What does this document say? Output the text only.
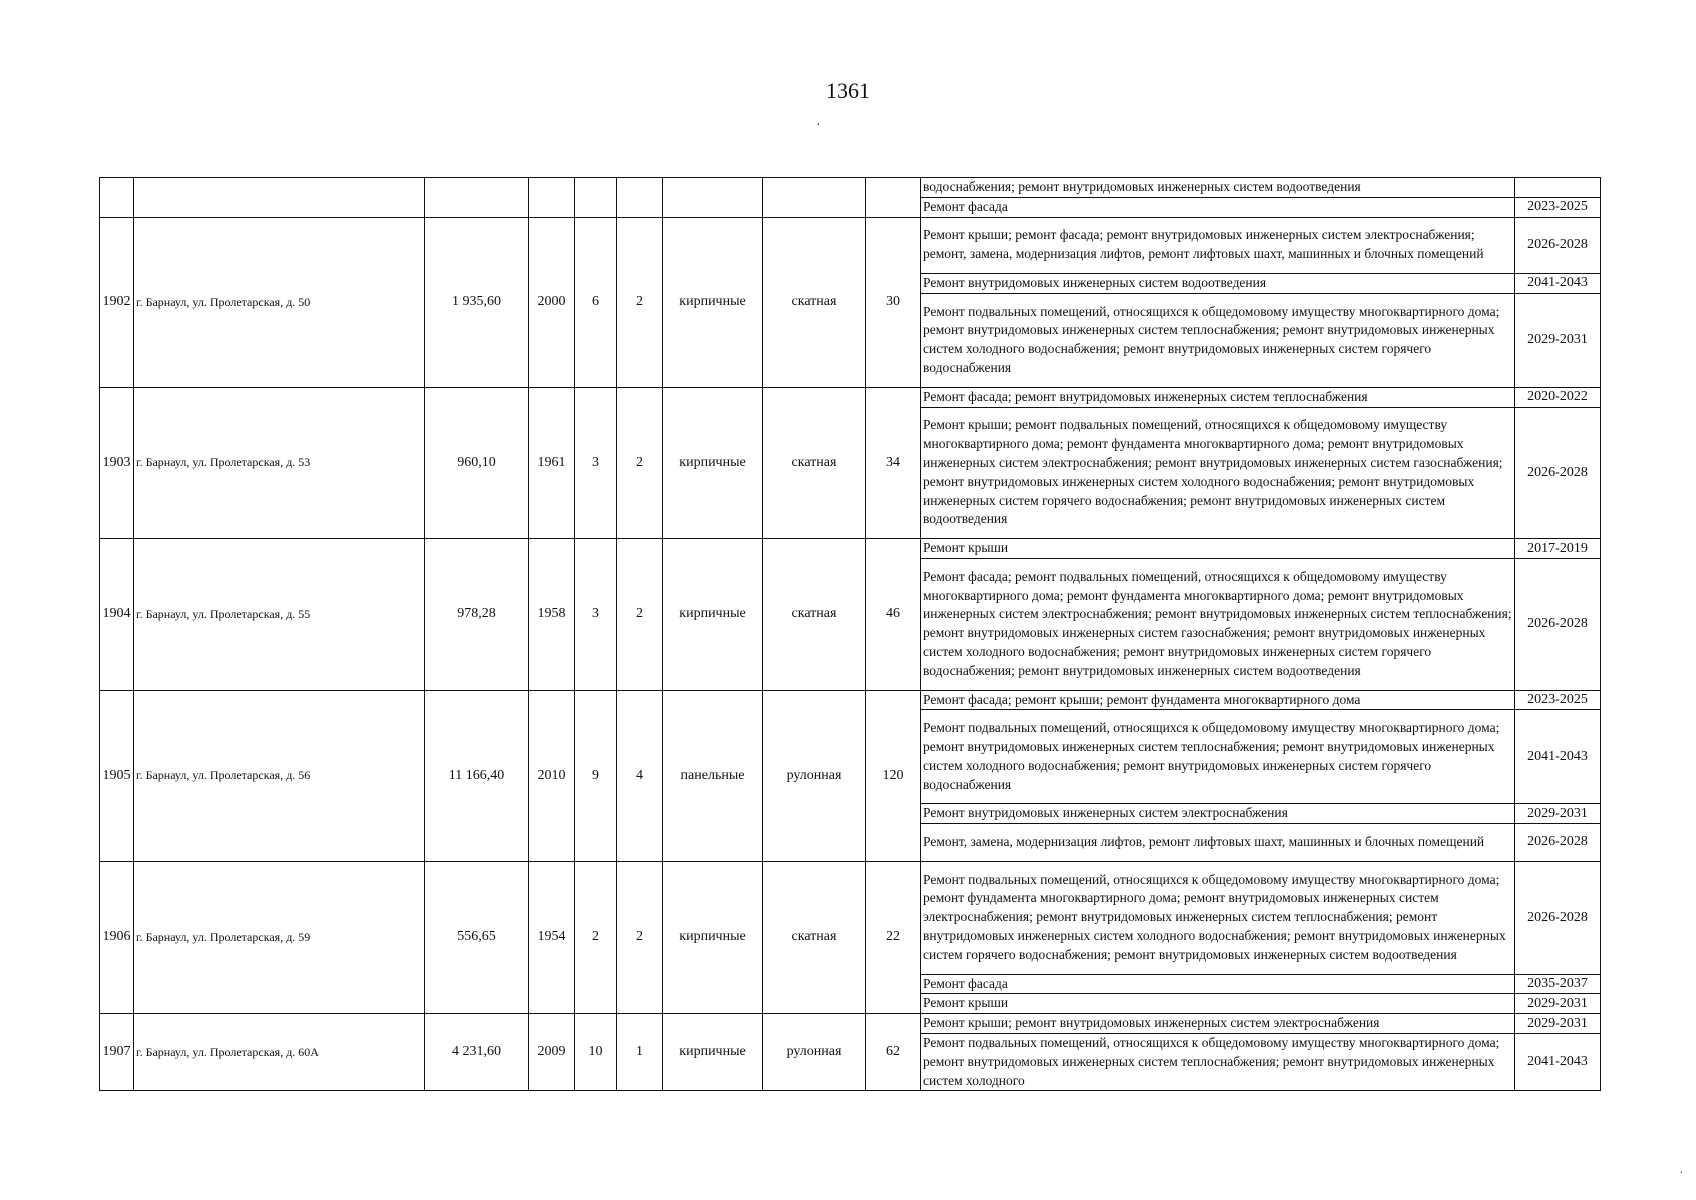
1361
·
									водоснабжения; ремонт внутридомовых инженерных систем водоотведения	
									Ремонт фасада	2023-2025
1902	г. Барнаул, ул. Пролетарская, д. 50	1 935,60	2000	6	2	кирпичные	скатная	30	Ремонт крыши; ремонт фасада; ремонт внутридомовых инженерных систем электроснабжения; ремонт, замена, модернизация лифтов, ремонт лифтовых шахт, машинных и блочных помещений	2026-2028
									Ремонт внутридомовых инженерных систем водоотведения	2041-2043
									Ремонт подвальных помещений, относящихся к общедомовому имуществу многоквартирного дома; ремонт внутридомовых инженерных систем теплоснабжения; ремонт внутридомовых инженерных систем холодного водоснабжения; ремонт внутридомовых инженерных систем горячего водоснабжения	2029-2031
1903	г. Барнаул, ул. Пролетарская, д. 53	960,10	1961	3	2	кирпичные	скатная	34	Ремонт фасада; ремонт внутридомовых инженерных систем теплоснабжения	2020-2022
									Ремонт крыши; ремонт подвальных помещений, относящихся к общедомовому имуществу многоквартирного дома; ремонт фундамента многоквартирного дома; ремонт внутридомовых инженерных систем электроснабжения; ремонт внутридомовых инженерных систем газоснабжения; ремонт внутридомовых инженерных систем холодного водоснабжения; ремонт внутридомовых инженерных систем горячего водоснабжения; ремонт внутридомовых инженерных систем водоотведения	2026-2028
1904	г. Барнаул, ул. Пролетарская, д. 55	978,28	1958	3	2	кирпичные	скатная	46	Ремонт крыши	2017-2019
									Ремонт фасада; ремонт подвальных помещений, относящихся к общедомовому имуществу многоквартирного дома; ремонт фундамента многоквартирного дома; ремонт внутридомовых инженерных систем электроснабжения; ремонт внутридомовых инженерных систем теплоснабжения; ремонт внутридомовых инженерных систем газоснабжения; ремонт внутридомовых инженерных систем холодного водоснабжения; ремонт внутридомовых инженерных систем горячего водоснабжения; ремонт внутридомовых инженерных систем водоотведения	2026-2028
1905	г. Барнаул, ул. Пролетарская, д. 56	11 166,40	2010	9	4	панельные	рулонная	120	Ремонт фасада; ремонт крыши; ремонт фундамента многоквартирного дома	2023-2025
									Ремонт подвальных помещений, относящихся к общедомовому имуществу многоквартирного дома; ремонт внутридомовых инженерных систем теплоснабжения; ремонт внутридомовых инженерных систем холодного водоснабжения; ремонт внутридомовых инженерных систем горячего водоснабжения	2041-2043
									Ремонт внутридомовых инженерных систем электроснабжения	2029-2031
									Ремонт, замена, модернизация лифтов, ремонт лифтовых шахт, машинных и блочных помещений	2026-2028
1906	г. Барнаул, ул. Пролетарская, д. 59	556,65	1954	2	2	кирпичные	скатная	22	Ремонт подвальных помещений, относящихся к общедомовому имуществу многоквартирного дома; ремонт фундамента многоквартирного дома; ремонт внутридомовых инженерных систем электроснабжения; ремонт внутридомовых инженерных систем теплоснабжения; ремонт внутридомовых инженерных систем холодного водоснабжения; ремонт внутридомовых инженерных систем горячего водоснабжения; ремонт внутридомовых инженерных систем водоотведения	2026-2028
									Ремонт фасада	2035-2037
									Ремонт крыши	2029-2031
1907	г. Барнаул, ул. Пролетарская, д. 60А	4 231,60	2009	10	1	кирпичные	рулонная	62	Ремонт крыши; ремонт внутридомовых инженерных систем электроснабжения	2029-2031
									Ремонт подвальных помещений, относящихся к общедомовому имуществу многоквартирного дома; ремонт внутридомовых инженерных систем теплоснабжения; ремонт внутридомовых инженерных систем холодного	2041-2043
.
